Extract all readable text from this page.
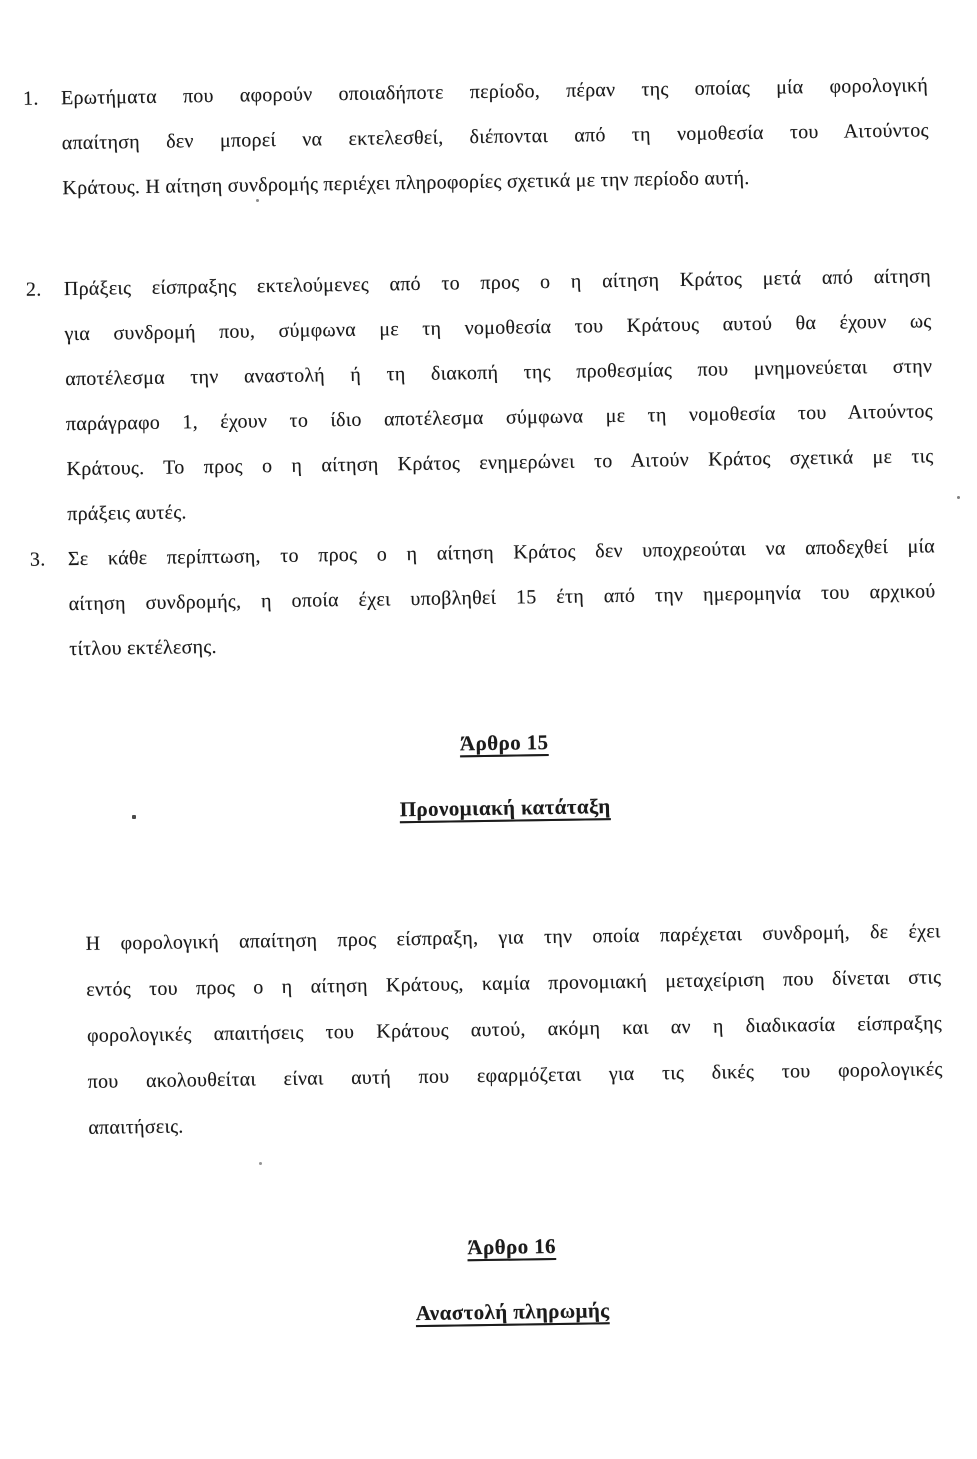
1.	Ερωτήματα που αφορούν οποιαδήποτε περίοδο, πέραν της οποίας μία φορολογική
απαίτηση δεν μπορεί να εκτελεσθεί, διέπονται από τη νομοθεσία του Αιτούντος
Κράτους. Η αίτηση συνδρομής περιέχει πληροφορίες σχετικά με την περίοδο αυτή.
2.	Πράξεις είσπραξης εκτελούμενες από το προς ο η αίτηση Κράτος μετά από αίτηση
για συνδρομή που, σύμφωνα με τη νομοθεσία του Κράτους αυτού θα έχουν ως
αποτέλεσμα την αναστολή ή τη διακοπή της προθεσμίας που μνημονεύεται στην
παράγραφο 1, έχουν το ίδιο αποτέλεσμα σύμφωνα με τη νομοθεσία του Αιτούντος
Κράτους. Το προς ο η αίτηση Κράτος ενημερώνει το Αιτούν Κράτος σχετικά με τις
πράξεις αυτές.
3.	Σε κάθε περίπτωση, το προς ο η αίτηση Κράτος δεν υποχρεούται να αποδεχθεί μία
αίτηση συνδρομής, η οποία έχει υποβληθεί 15 έτη από την ημερομηνία του αρχικού
τίτλου εκτέλεσης.
Άρθρο 15
Προνομιακή κατάταξη
Η φορολογική απαίτηση προς είσπραξη, για την οποία παρέχεται συνδρομή, δε έχει
εντός του προς ο η αίτηση Κράτους, καμία προνομιακή μεταχείριση που δίνεται στις
φορολογικές απαιτήσεις του Κράτους αυτού, ακόμη και αν η διαδικασία είσπραξης
που ακολουθείται είναι αυτή που εφαρμόζεται για τις δικές του φορολογικές
απαιτήσεις.
Άρθρο 16
Αναστολή πληρωμής
